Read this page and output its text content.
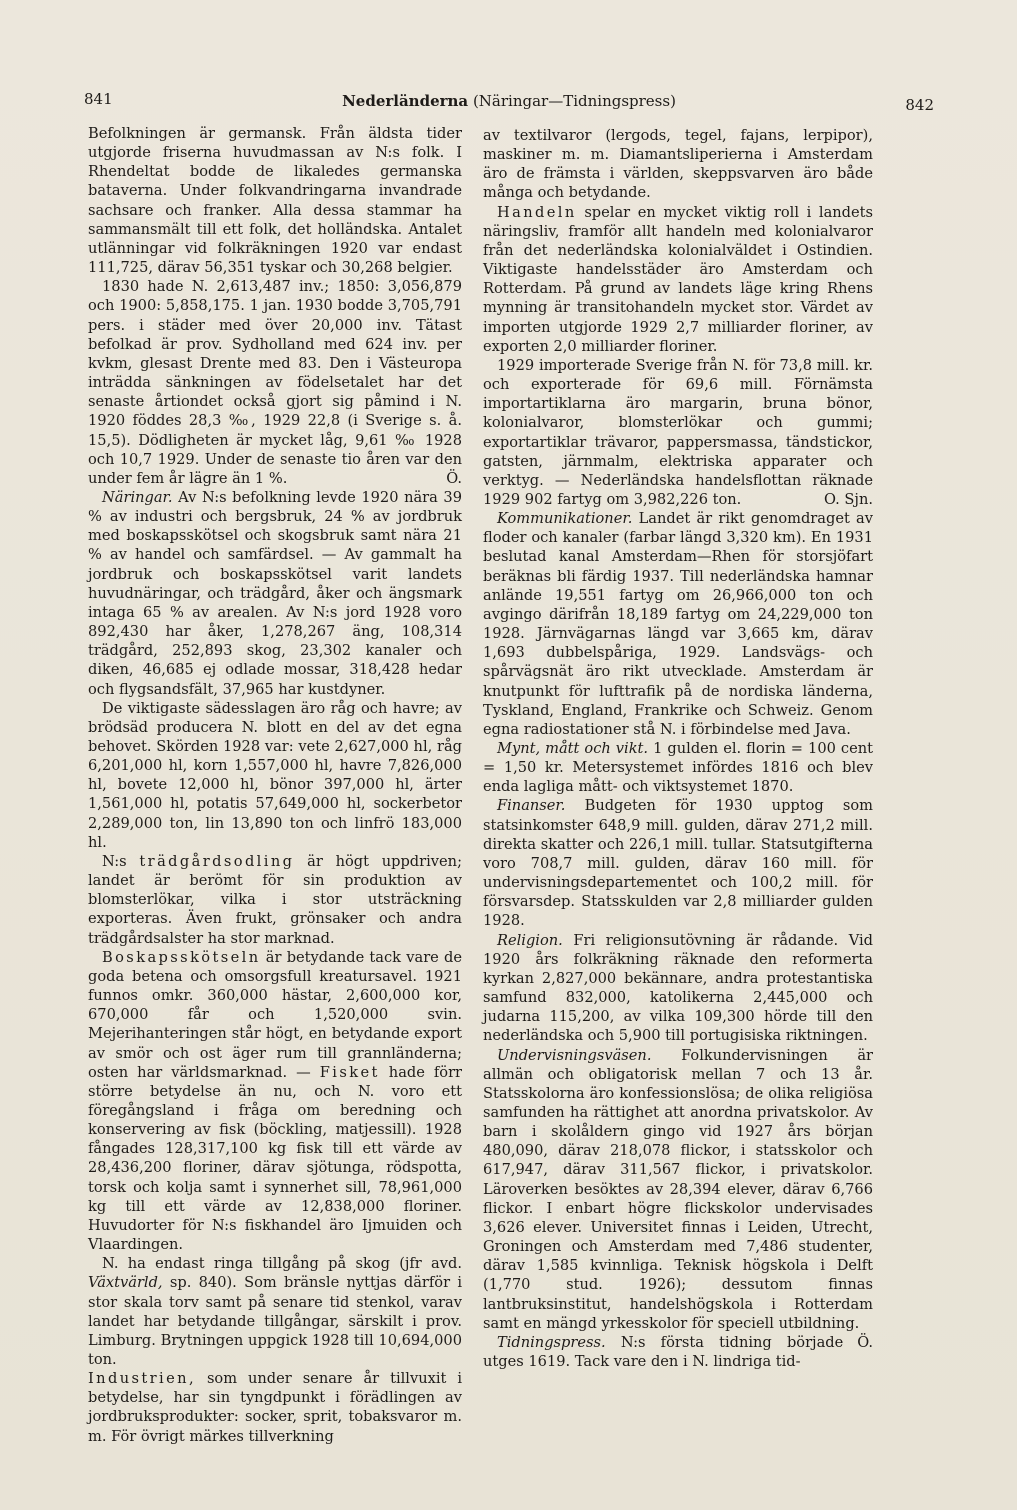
841	Nederländerna (Näringar—Tidningspress)	842

Befolkningen är germansk. Från äldsta tider utgjorde friserna huvudmassan av N:s folk. I Rhendeltat bodde de likaledes germanska bataverna. Under folkvandringarna invandrade sachsare och franker. Alla dessa stammar ha sammansmält till ett folk, det holländska. Antalet utlänningar vid folkräkningen 1920 var endast 111,725, därav 56,351 tyskar och 30,268 belgier.

1830 hade N. 2,613,487 inv.; 1850: 3,056,879 och 1900: 5,858,175. 1 jan. 1930 bodde 3,705,791 pers. i städer med över 20,000 inv. Tätast befolkad är prov. Sydholland med 624 inv. per kvkm, glesast Drente med 83. Den i Västeuropa inträdda sänkningen av födelsetalet har det senaste årtiondet också gjort sig påmind i N. 1920 föddes 28,3 ‰, 1929 22,8 (i Sverige s. å. 15,5). Dödligheten är mycket låg, 9,61 ‰ 1928 och 10,7 1929. Under de senaste tio åren var den under fem år lägre än 1 %.	Ö.

Näringar. Av N:s befolkning levde 1920 nära 39 % av industri och bergsbruk, 24 % av jordbruk med boskapsskötsel och skogsbruk samt nära 21 % av handel och samfärdsel. — Av gammalt ha jordbruk och boskapsskötsel varit landets huvudnäringar, och trädgård, åker och ängsmark intaga 65 % av arealen. Av N:s jord 1928 voro 892,430 har åker, 1,278,267 äng, 108,314 trädgård, 252,893 skog, 23,302 kanaler och diken, 46,685 ej odlade mossar, 318,428 hedar och flygsandsfält, 37,965 har kustdyner.

De viktigaste sädesslagen äro råg och havre; av brödsäd producera N. blott en del av det egna behovet. Skörden 1928 var: vete 2,627,000 hl, råg 6,201,000 hl, korn 1,557,000 hl, havre 7,826,000 hl, bovete 12,000 hl, bönor 397,000 hl, ärter 1,561,000 hl, potatis 57,649,000 hl, sockerbetor 2,289,000 ton, lin 13,890 ton och linfrö 183,000 hl.

N:s trädgårdsodling är högt uppdriven; landet är berömt för sin produktion av blomsterlökar, vilka i stor utsträckning exporteras. Även frukt, grönsaker och andra trädgårdsalster ha stor marknad.

Boskapsskötseln är betydande tack vare de goda betena och omsorgsfull kreatursavel. 1921 funnos omkr. 360,000 hästar, 2,600,000 kor, 670,000 får och 1,520,000 svin. Mejerihanteringen står högt, en betydande export av smör och ost äger rum till grannländerna; osten har världsmarknad. — Fisket hade förr större betydelse än nu, och N. voro ett föregångsland i fråga om beredning och konservering av fisk (böckling, matjessill). 1928 fångades 128,317,100 kg fisk till ett värde av 28,436,200 floriner, därav sjötunga, rödspotta, torsk och kolja samt i synnerhet sill, 78,961,000 kg till ett värde av 12,838,000 floriner. Huvudorter för N:s fiskhandel äro Ijmuiden och Vlaardingen.

N. ha endast ringa tillgång på skog (jfr avd. Växtvärld, sp. 840). Som bränsle nyttjas därför i stor skala torv samt på senare tid stenkol, varav landet har betydande tillgångar, särskilt i prov. Limburg. Brytningen uppgick 1928 till 10,694,000 ton.

Industrien, som under senare år tillvuxit i betydelse, har sin tyngdpunkt i förädlingen av jordbruksprodukter: socker, sprit, tobaksvaror m. m. För övrigt märkes tillverkning

av textilvaror (lergods, tegel, fajans, lerpipor), maskiner m. m. Diamantsliperierna i Amsterdam äro de främsta i världen, skeppsvarven äro både många och betydande.

Handeln spelar en mycket viktig roll i landets näringsliv, framför allt handeln med kolonialvaror från det nederländska kolonialväldet i Ostindien. Viktigaste handelsstäder äro Amsterdam och Rotterdam. På grund av landets läge kring Rhens mynning är transitohandeln mycket stor. Värdet av importen utgjorde 1929 2,7 milliarder floriner, av exporten 2,0 milliarder floriner.

1929 importerade Sverige från N. för 73,8 mill. kr. och exporterade för 69,6 mill. Förnämsta importartiklarna äro margarin, bruna bönor, kolonialvaror, blomsterlökar och gummi; exportartiklar trävaror, pappersmassa, tändstickor, gatsten, järnmalm, elektriska apparater och verktyg. — Nederländska handelsflottan räknade 1929 902 fartyg om 3,982,226 ton.	O. Sjn.

Kommunikationer. Landet är rikt genomdraget av floder och kanaler (farbar längd 3,320 km). En 1931 beslutad kanal Amsterdam—Rhen för storsjöfart beräknas bli färdig 1937. Till nederländska hamnar anlände 19,551 fartyg om 26,966,000 ton och avgingo därifrån 18,189 fartyg om 24,229,000 ton 1928. Järnvägarnas längd var 3,665 km, därav 1,693 dubbelspåriga, 1929. Landsvägs- och spårvägsnät äro rikt utvecklade. Amsterdam är knutpunkt för lufttrafik på de nordiska länderna, Tyskland, England, Frankrike och Schweiz. Genom egna radiostationer stå N. i förbindelse med Java.

Mynt, mått och vikt. 1 gulden el. florin = 100 cent = 1,50 kr. Metersystemet infördes 1816 och blev enda lagliga mått- och viktsystemet 1870.

Finanser. Budgeten för 1930 upptog som statsinkomster 648,9 mill. gulden, därav 271,2 mill. direkta skatter och 226,1 mill. tullar. Statsutgifterna voro 708,7 mill. gulden, därav 160 mill. för undervisningsdepartementet och 100,2 mill. för försvarsdep. Statsskulden var 2,8 milliarder gulden 1928.

Religion. Fri religionsutövning är rådande. Vid 1920 års folkräkning räknade den reformerta kyrkan 2,827,000 bekännare, andra protestantiska samfund 832,000, katolikerna 2,445,000 och judarna 115,200, av vilka 109,300 hörde till den nederländska och 5,900 till portugisiska riktningen.

Undervisningsväsen. Folkundervisningen är allmän och obligatorisk mellan 7 och 13 år. Statsskolorna äro konfessionslösa; de olika religiösa samfunden ha rättighet att anordna privatskolor. Av barn i skolåldern gingo vid 1927 års början 480,090, därav 218,078 flickor, i statsskolor och 617,947, därav 311,567 flickor, i privatskolor. Läroverken besöktes av 28,394 elever, därav 6,766 flickor. I enbart högre flickskolor undervisades 3,626 elever. Universitet finnas i Leiden, Utrecht, Groningen och Amsterdam med 7,486 studenter, därav 1,585 kvinnliga. Teknisk högskola i Delft (1,770 stud. 1926); dessutom finnas lantbruksinstitut, handelshögskola i Rotterdam samt en mängd yrkesskolor för speciell utbildning.
Ö.

Tidningspress. N:s första tidning började utges 1619. Tack vare den i N. lindriga tid-
